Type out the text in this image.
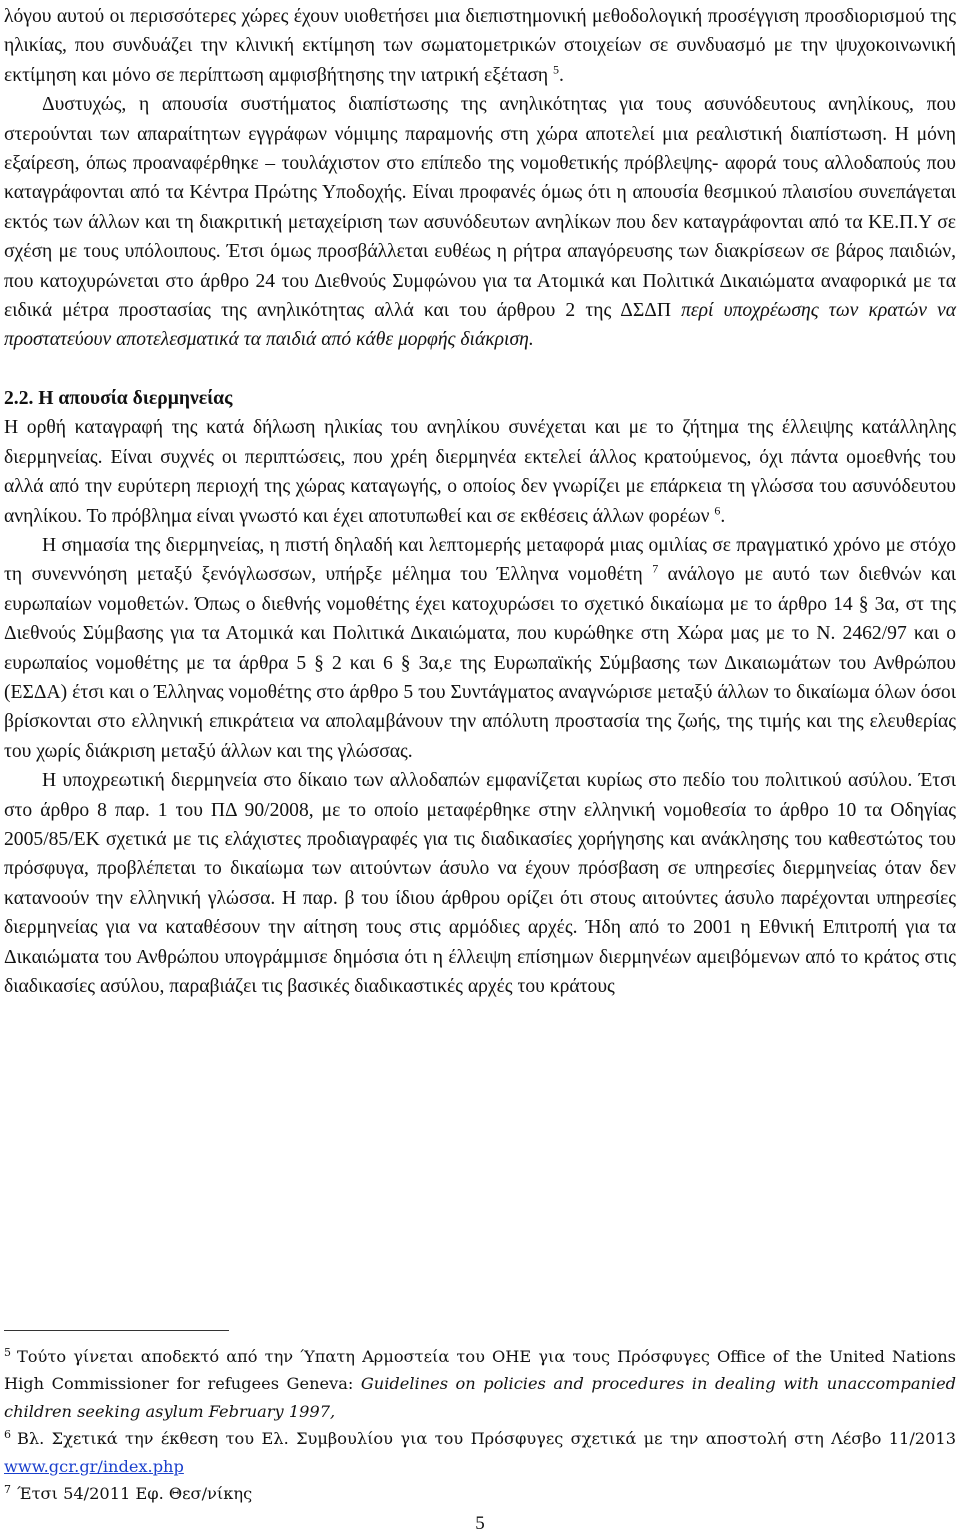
λόγου αυτού οι περισσότερες χώρες έχουν υιοθετήσει μια διεπιστημονική μεθοδολογική προσέγγιση προσδιορισμού της ηλικίας, που συνδυάζει την κλινική εκτίμηση των σωματομετρικών στοιχείων σε συνδυασμό με την ψυχοκοινωνική εκτίμηση και μόνο σε περίπτωση αμφισβήτησης την ιατρική εξέταση $^5$.

Δυστυχώς, η απουσία συστήματος διαπίστωσης της ανηλικότητας για τους ασυνόδευτους ανηλίκους, που στερούνται των απαραίτητων εγγράφων νόμιμης παραμονής στη χώρα αποτελεί μια ρεαλιστική διαπίστωση. Η μόνη εξαίρεση, όπως προαναφέρθηκε – τουλάχιστον στο επίπεδο της νομοθετικής πρόβλεψης- αφορά τους αλλοδαπούς που καταγράφονται από τα Κέντρα Πρώτης Υποδοχής. Είναι προφανές όμως ότι η απουσία θεσμικού πλαισίου συνεπάγεται εκτός των άλλων και τη διακριτική μεταχείριση των ασυνόδευτων ανηλίκων που δεν καταγράφονται από τα ΚΕ.Π.Υ σε σχέση με τους υπόλοιπους. Έτσι όμως προσβάλλεται ευθέως η ρήτρα απαγόρευσης των διακρίσεων σε βάρος παιδιών, που κατοχυρώνεται στο άρθρο 24 του Διεθνούς Συμφώνου για τα Ατομικά και Πολιτικά Δικαιώματα αναφορικά με τα ειδικά μέτρα προστασίας της ανηλικότητας αλλά και του άρθρου 2 της ΔΣΔΠ περί υποχρέωσης των κρατών να προστατεύουν αποτελεσματικά τα παιδιά από κάθε μορφής διάκριση.

2.2. Η απουσία διερμηνείας

Η ορθή καταγραφή της κατά δήλωση ηλικίας του ανηλίκου συνέχεται και με το ζήτημα της έλλειψης κατάλληλης διερμηνείας. Είναι συχνές οι περιπτώσεις, που χρέη διερμηνέα εκτελεί άλλος κρατούμενος, όχι πάντα ομοεθνής του αλλά από την ευρύτερη περιοχή της χώρας καταγωγής, ο οποίος δεν γνωρίζει με επάρκεια τη γλώσσα του ασυνόδευτου ανηλίκου. Το πρόβλημα είναι γνωστό και έχει αποτυπωθεί και σε εκθέσεις άλλων φορέων $^6$.

Η σημασία της διερμηνείας, η πιστή δηλαδή και λεπτομερής μεταφορά μιας ομιλίας σε πραγματικό χρόνο με στόχο τη συνεννόηση μεταξύ ξενόγλωσσων, υπήρξε μέλημα του Έλληνα νομοθέτη $^7$ ανάλογο με αυτό των διεθνών και ευρωπαίων νομοθετών. Όπως ο διεθνής νομοθέτης έχει κατοχυρώσει το σχετικό δικαίωμα με το άρθρο 14 § 3α, στ της Διεθνούς Σύμβασης για τα Ατομικά και Πολιτικά Δικαιώματα, που κυρώθηκε στη Χώρα μας με το Ν. 2462/97 και ο ευρωπαίος νομοθέτης με τα άρθρα 5 § 2 και 6 § 3α,ε της Ευρωπαϊκής Σύμβασης των Δικαιωμάτων του Ανθρώπου (ΕΣΔΑ) έτσι και ο Έλληνας νομοθέτης στο άρθρο 5 του Συντάγματος αναγνώρισε μεταξύ άλλων το δικαίωμα όλων όσοι βρίσκονται στο ελληνική επικράτεια να απολαμβάνουν την απόλυτη προστασία της ζωής, της τιμής και της ελευθερίας του χωρίς διάκριση μεταξύ άλλων και της γλώσσας.

Η υποχρεωτική διερμηνεία στο δίκαιο των αλλοδαπών εμφανίζεται κυρίως στο πεδίο του πολιτικού ασύλου. Έτσι στο άρθρο 8 παρ. 1 του ΠΔ 90/2008, με το οποίο μεταφέρθηκε στην ελληνική νομοθεσία το άρθρο 10 τα Οδηγίας 2005/85/ΕΚ σχετικά με τις ελάχιστες προδιαγραφές για τις διαδικασίες χορήγησης και ανάκλησης του καθεστώτος του πρόσφυγα, προβλέπεται το δικαίωμα των αιτούντων άσυλο να έχουν πρόσβαση σε υπηρεσίες διερμηνείας όταν δεν κατανοούν την ελληνική γλώσσα. Η παρ. β του ίδιου άρθρου ορίζει ότι στους αιτούντες άσυλο παρέχονται υπηρεσίες διερμηνείας για να καταθέσουν την αίτηση τους στις αρμόδιες αρχές. Ήδη από το 2001 η Εθνική Επιτροπή για τα Δικαιώματα του Ανθρώπου υπογράμμισε δημόσια ότι η έλλειψη επίσημων διερμηνέων αμειβόμενων από το κράτος στις διαδικασίες ασύλου, παραβιάζει τις βασικές διαδικαστικές αρχές του κράτους

$^5$ Τούτο γίνεται αποδεκτό από την Ύπατη Αρμοστεία του ΟΗΕ για τους Πρόσφυγες Office of the United Nations High Commissioner for refugees Geneva: Guidelines on policies and procedures in dealing with unaccompanied children seeking asylum February 1997,

$^6$ Βλ. Σχετικά την έκθεση του Ελ. Συμβουλίου για του Πρόσφυγες σχετικά με την αποστολή στη Λέσβο 11/2013 www.gcr.gr/index.php

$^7$ Έτσι 54/2011 Εφ. Θεσ/νίκης

5
